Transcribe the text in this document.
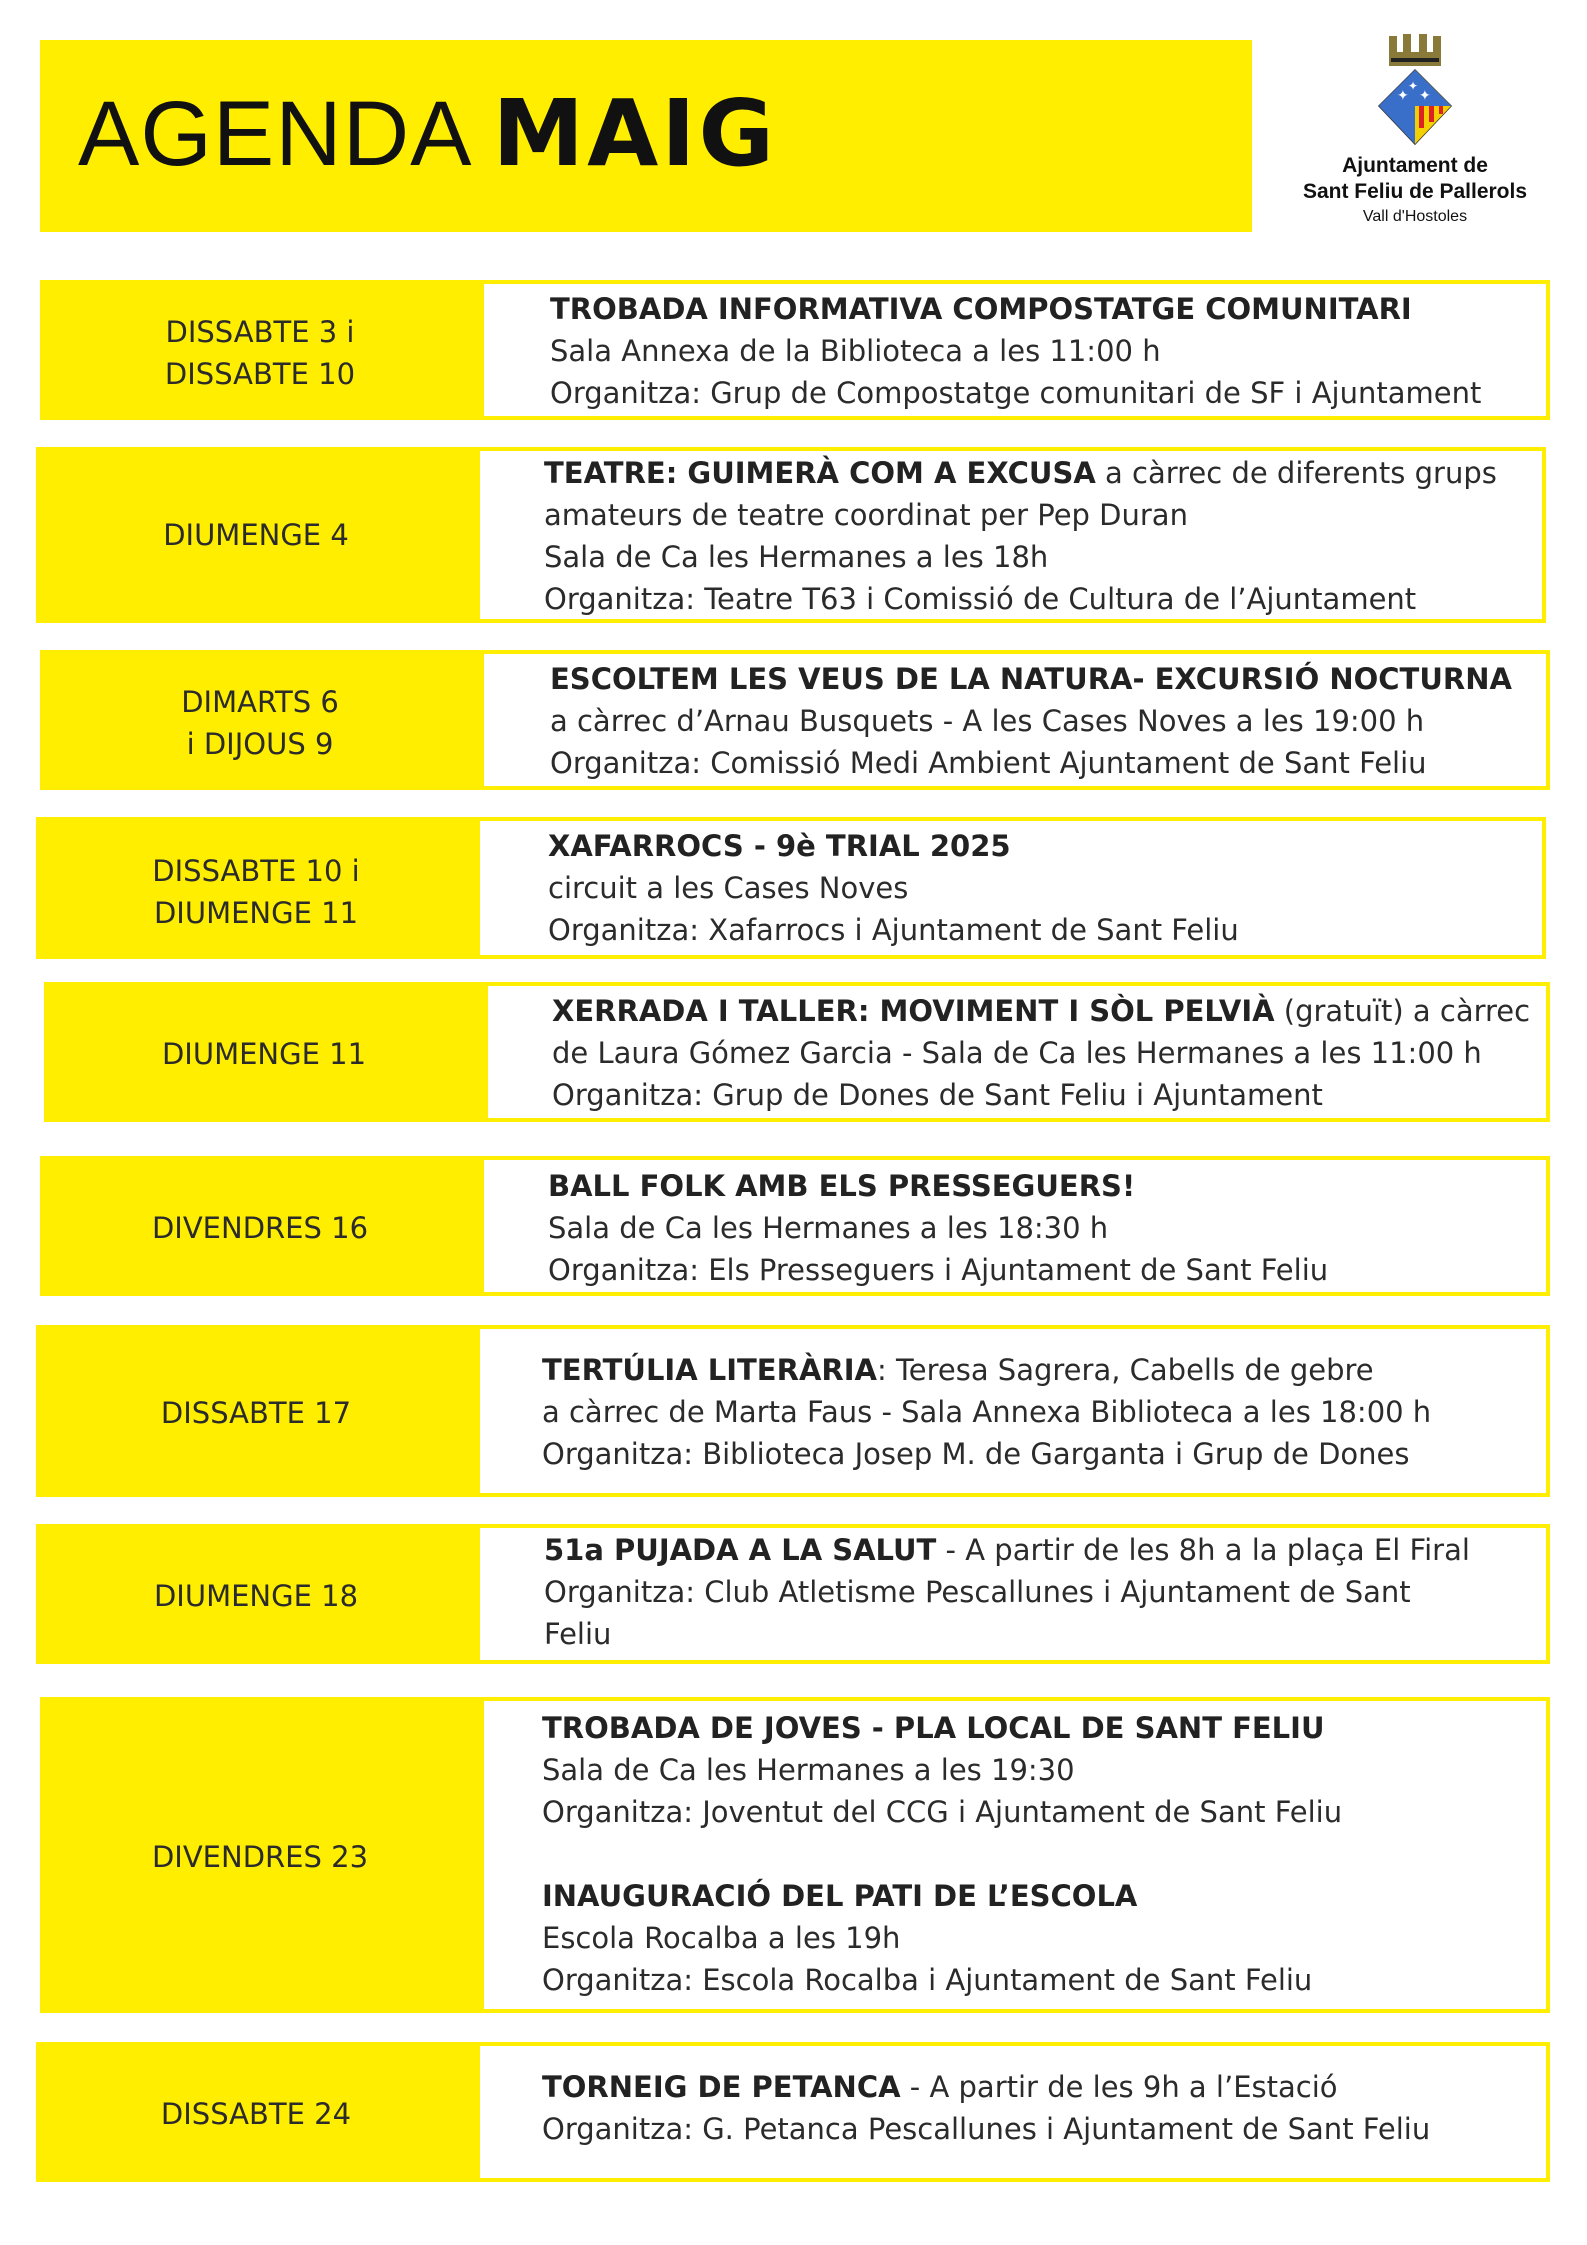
AGENDA MAIG	✦ ✦
✦
Ajuntament de
Sant Feliu de Pallerols
Vall d'Hostoles
DISSABTE 3 i
DISSABTE 10
TROBADA INFORMATIVA COMPOSTATGE COMUNITARI
Sala Annexa de la Biblioteca a les 11:00 h
Organitza: Grup de Compostatge comunitari de SF i Ajuntament
DIUMENGE 4
TEATRE: GUIMERÀ COM A EXCUSA a càrrec de diferents grups
amateurs de teatre coordinat per Pep Duran
Sala de Ca les Hermanes a les 18h
Organitza: Teatre T63 i Comissió de Cultura de l’Ajuntament
DIMARTS 6
i DIJOUS 9
ESCOLTEM LES VEUS DE LA NATURA- EXCURSIÓ NOCTURNA
a càrrec d’Arnau Busquets - A les Cases Noves a les 19:00 h
Organitza: Comissió Medi Ambient Ajuntament de Sant Feliu
DISSABTE 10 i
DIUMENGE 11
XAFARROCS - 9è TRIAL 2025
circuit a les Cases Noves
Organitza: Xafarrocs i Ajuntament de Sant Feliu
DIUMENGE 11
XERRADA I TALLER: MOVIMENT I SÒL PELVIÀ (gratuït) a càrrec
de Laura Gómez Garcia - Sala de Ca les Hermanes a les 11:00 h
Organitza: Grup de Dones de Sant Feliu i Ajuntament
DIVENDRES 16
BALL FOLK AMB ELS PRESSEGUERS!
Sala de Ca les Hermanes a les 18:30 h
Organitza: Els Presseguers i Ajuntament de Sant Feliu
DISSABTE 17
TERTÚLIA LITERÀRIA: Teresa Sagrera, Cabells de gebre
a càrrec de Marta Faus - Sala Annexa Biblioteca a les 18:00 h
Organitza: Biblioteca Josep M. de Garganta i Grup de Dones
DIUMENGE 18
51a PUJADA A LA SALUT - A partir de les 8h a la plaça El Firal
Organitza: Club Atletisme Pescallunes i Ajuntament de Sant
Feliu
DIVENDRES 23
TROBADA DE JOVES - PLA LOCAL DE SANT FELIU
Sala de Ca les Hermanes a les 19:30
Organitza: Joventut del CCG i Ajuntament de Sant Feliu
INAUGURACIÓ DEL PATI DE L’ESCOLA
Escola Rocalba a les 19h
Organitza: Escola Rocalba i Ajuntament de Sant Feliu
DISSABTE 24
TORNEIG DE PETANCA - A partir de les 9h a l’Estació
Organitza: G. Petanca Pescallunes i Ajuntament de Sant Feliu
